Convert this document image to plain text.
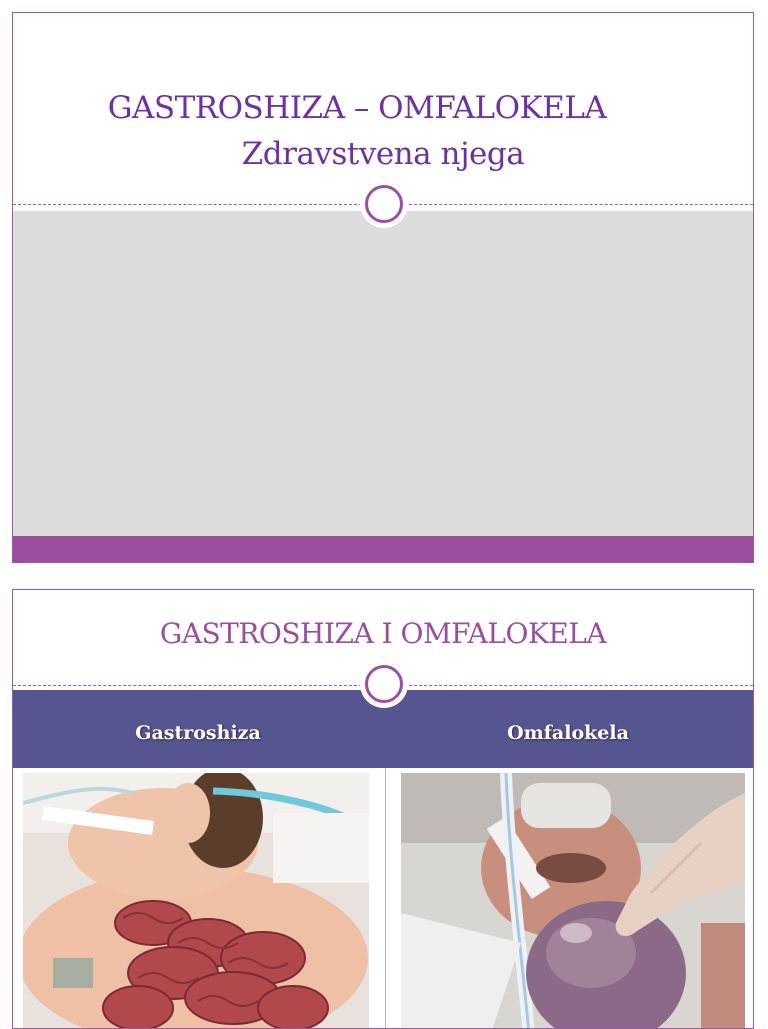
GASTROSHIZA – OMFALOKELA
Zdravstvena njega
GASTROSHIZA I OMFALOKELA
Gastroshiza	Omfalokela
